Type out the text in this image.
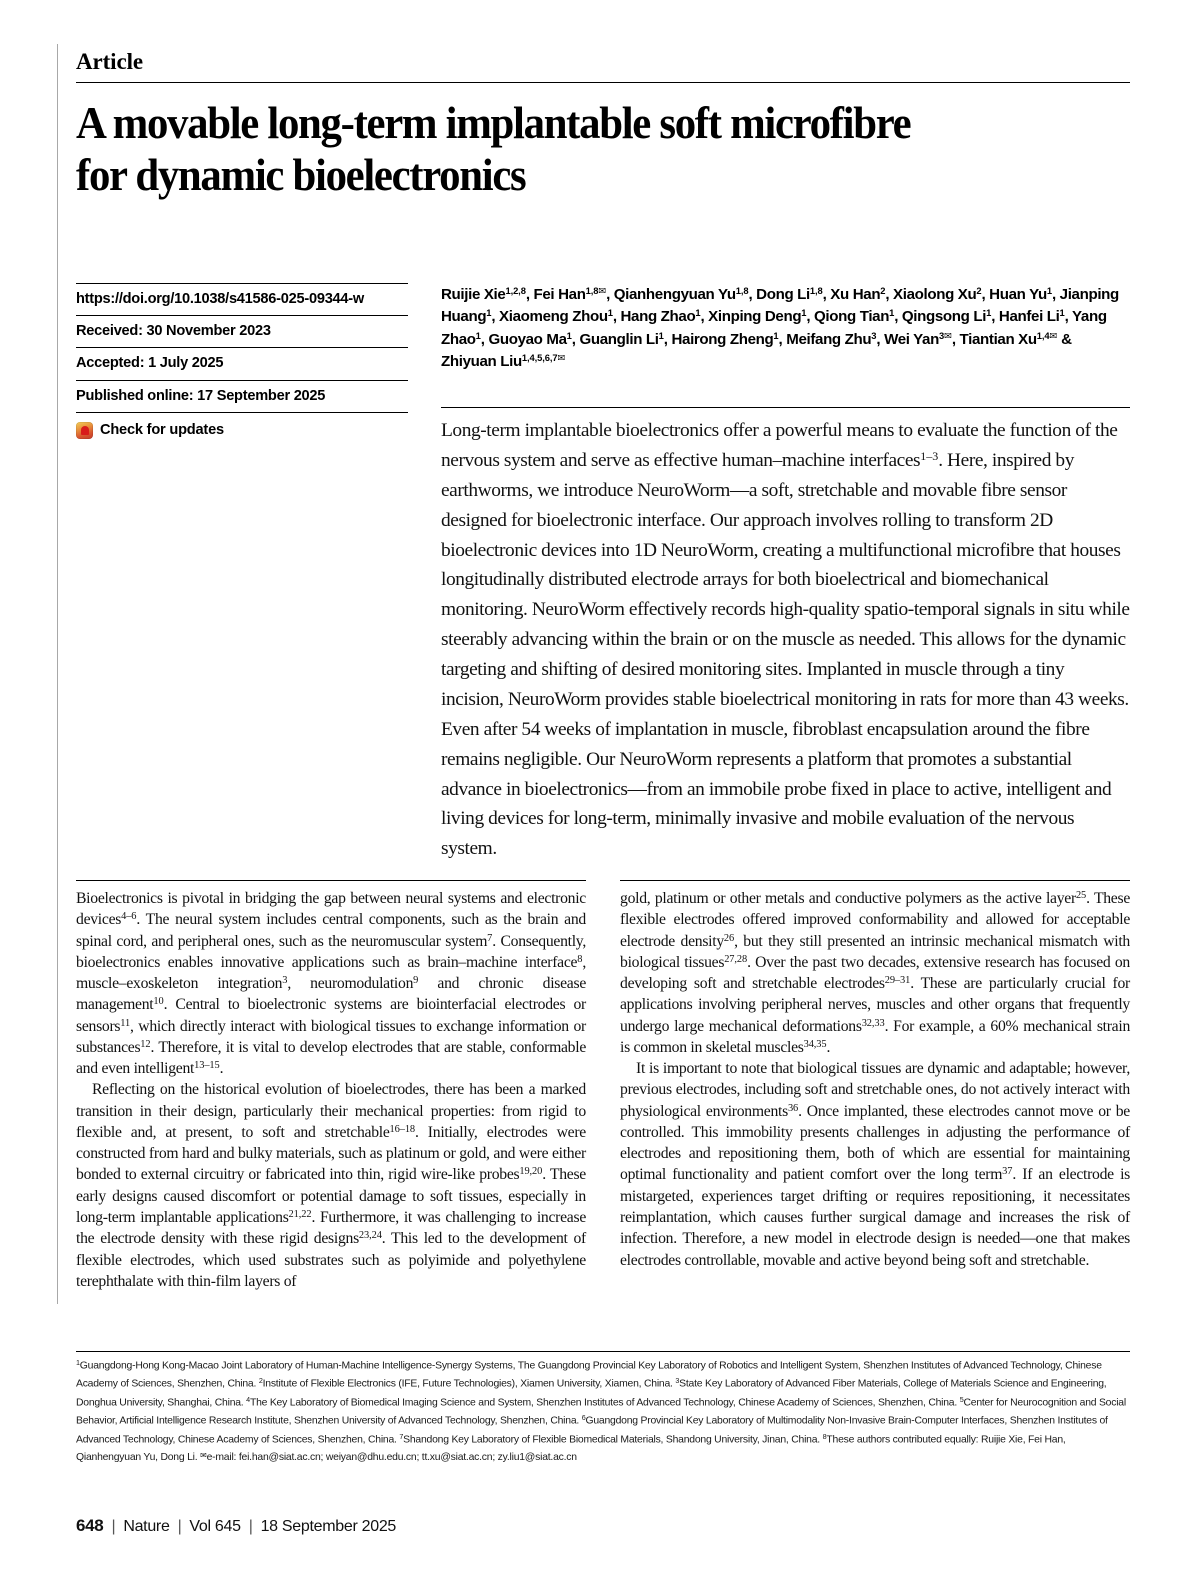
Article
A movable long-term implantable soft microfibre for dynamic bioelectronics
https://doi.org/10.1038/s41586-025-09344-w
Received: 30 November 2023
Accepted: 1 July 2025
Published online: 17 September 2025
Check for updates
Ruijie Xie$^{1,2,8}$, Fei Han$^{1,8✉}$, Qianhengyuan Yu$^{1,8}$, Dong Li$^{1,8}$, Xu Han$^2$, Xiaolong Xu$^2$, Huan Yu$^1$, Jianping Huang$^1$, Xiaomeng Zhou$^1$, Hang Zhao$^1$, Xinping Deng$^1$, Qiong Tian$^1$, Qingsong Li$^1$, Hanfei Li$^1$, Yang Zhao$^1$, Guoyao Ma$^1$, Guanglin Li$^1$, Hairong Zheng$^1$, Meifang Zhu$^3$, Wei Yan$^{3✉}$, Tiantian $Xu^{1,4✉}$ & Zhiyuan Liu$^{1,4,5,6,7✉}$
Long-term implantable bioelectronics offer a powerful means to evaluate the function of the nervous system and serve as effective human–machine interfaces$^{1-3}$. Here, inspired by earthworms, we introduce NeuroWorm—a soft, stretchable and movable fibre sensor designed for bioelectronic interface. Our approach involves rolling to transform 2D bioelectronic devices into 1D NeuroWorm, creating a multifunctional microfibre that houses longitudinally distributed electrode arrays for both bioelectrical and biomechanical monitoring. NeuroWorm effectively records high-quality spatio-temporal signals in situ while steerably advancing within the brain or on the muscle as needed. This allows for the dynamic targeting and shifting of desired monitoring sites. Implanted in muscle through a tiny incision, NeuroWorm provides stable bioelectrical monitoring in rats for more than 43 weeks. Even after 54 weeks of implantation in muscle, fibroblast encapsulation around the fibre remains negligible. Our NeuroWorm represents a platform that promotes a substantial advance in bioelectronics—from an immobile probe fixed in place to active, intelligent and living devices for long-term, minimally invasive and mobile evaluation of the nervous system.

Bioelectronics is pivotal in bridging the gap between neural systems and electronic devices$^{4-6}$. The neural system includes central components, such as the brain and spinal cord, and peripheral ones, such as the neuromuscular system$^7$. Consequently, bioelectronics enables innovative applications such as brain–machine interface$^8$, muscle–exoskeleton integration$^3$, neuromodulation$^9$ and chronic disease management$^{10}$. Central to bioelectronic systems are biointerfacial electrodes or sensors$^{11}$, which directly interact with biological tissues to exchange information or substances$^{12}$. Therefore, it is vital to develop electrodes that are stable, conformable and even intelligent$^{13-15}$.

Reflecting on the historical evolution of bioelectrodes, there has been a marked transition in their design, particularly their mechanical properties: from rigid to flexible and, at present, to soft and stretchable$^{16-18}$. Initially, electrodes were constructed from hard and bulky materials, such as platinum or gold, and were either bonded to external circuitry or fabricated into thin, rigid wire-like probes$^{19,20}$. These early designs caused discomfort or potential damage to soft tissues, especially in long-term implantable applications$^{21,22}$. Furthermore, it was challenging to increase the electrode density with these rigid designs$^{23,24}$. This led to the development of flexible electrodes, which used substrates such as polyimide and polyethylene terephthalate with thin-film layers of

gold, platinum or other metals and conductive polymers as the active layer$^{25}$. These flexible electrodes offered improved conformability and allowed for acceptable electrode density$^{26}$, but they still presented an intrinsic mechanical mismatch with biological tissues$^{27,28}$. Over the past two decades, extensive research has focused on developing soft and stretchable electrodes$^{29-31}$. These are particularly crucial for applications involving peripheral nerves, muscles and other organs that frequently undergo large mechanical deformations$^{32,33}$. For example, a 60% mechanical strain is common in skeletal muscles$^{34,35}$.

It is important to note that biological tissues are dynamic and adaptable; however, previous electrodes, including soft and stretchable ones, do not actively interact with physiological environments$^{36}$. Once implanted, these electrodes cannot move or be controlled. This immobility presents challenges in adjusting the performance of electrodes and repositioning them, both of which are essential for maintaining optimal functionality and patient comfort over the long term$^{37}$. If an electrode is mistargeted, experiences target drifting or requires repositioning, it necessitates reimplantation, which causes further surgical damage and increases the risk of infection. Therefore, a new model in electrode design is needed—one that makes electrodes controllable, movable and active beyond being soft and stretchable.

$^1$Guangdong-Hong Kong-Macao Joint Laboratory of Human-Machine Intelligence-Synergy Systems, The Guangdong Provincial Key Laboratory of Robotics and Intelligent System, Shenzhen Institutes of Advanced Technology, Chinese Academy of Sciences, Shenzhen, China. $^2$Institute of Flexible Electronics (IFE, Future Technologies), Xiamen University, Xiamen, China. $^3$State Key Laboratory of Advanced Fiber Materials, College of Materials Science and Engineering, Donghua University, Shanghai, China. $^4$The Key Laboratory of Biomedical Imaging Science and System, Shenzhen Institutes of Advanced Technology, Chinese Academy of Sciences, Shenzhen, China. $^5$Center for Neurocognition and Social Behavior, Artificial Intelligence Research Institute, Shenzhen University of Advanced Technology, Shenzhen, China. $^6$Guangdong Provincial Key Laboratory of Multimodality Non-Invasive Brain-Computer Interfaces, Shenzhen Institutes of Advanced Technology, Chinese Academy of Sciences, Shenzhen, China. $^7$Shandong Key Laboratory of Flexible Biomedical Materials, Shandong University, Jinan, China. $^8$These authors contributed equally: Ruijie Xie, Fei Han, Qianhengyuan Yu, Dong Li. ✉e-mail: fei.han@siat.ac.cn; weiyan@dhu.edu.cn; tt.xu@siat.ac.cn; zy.liu1@siat.ac.cn
648 | Nature | Vol 645 | 18 September 2025
